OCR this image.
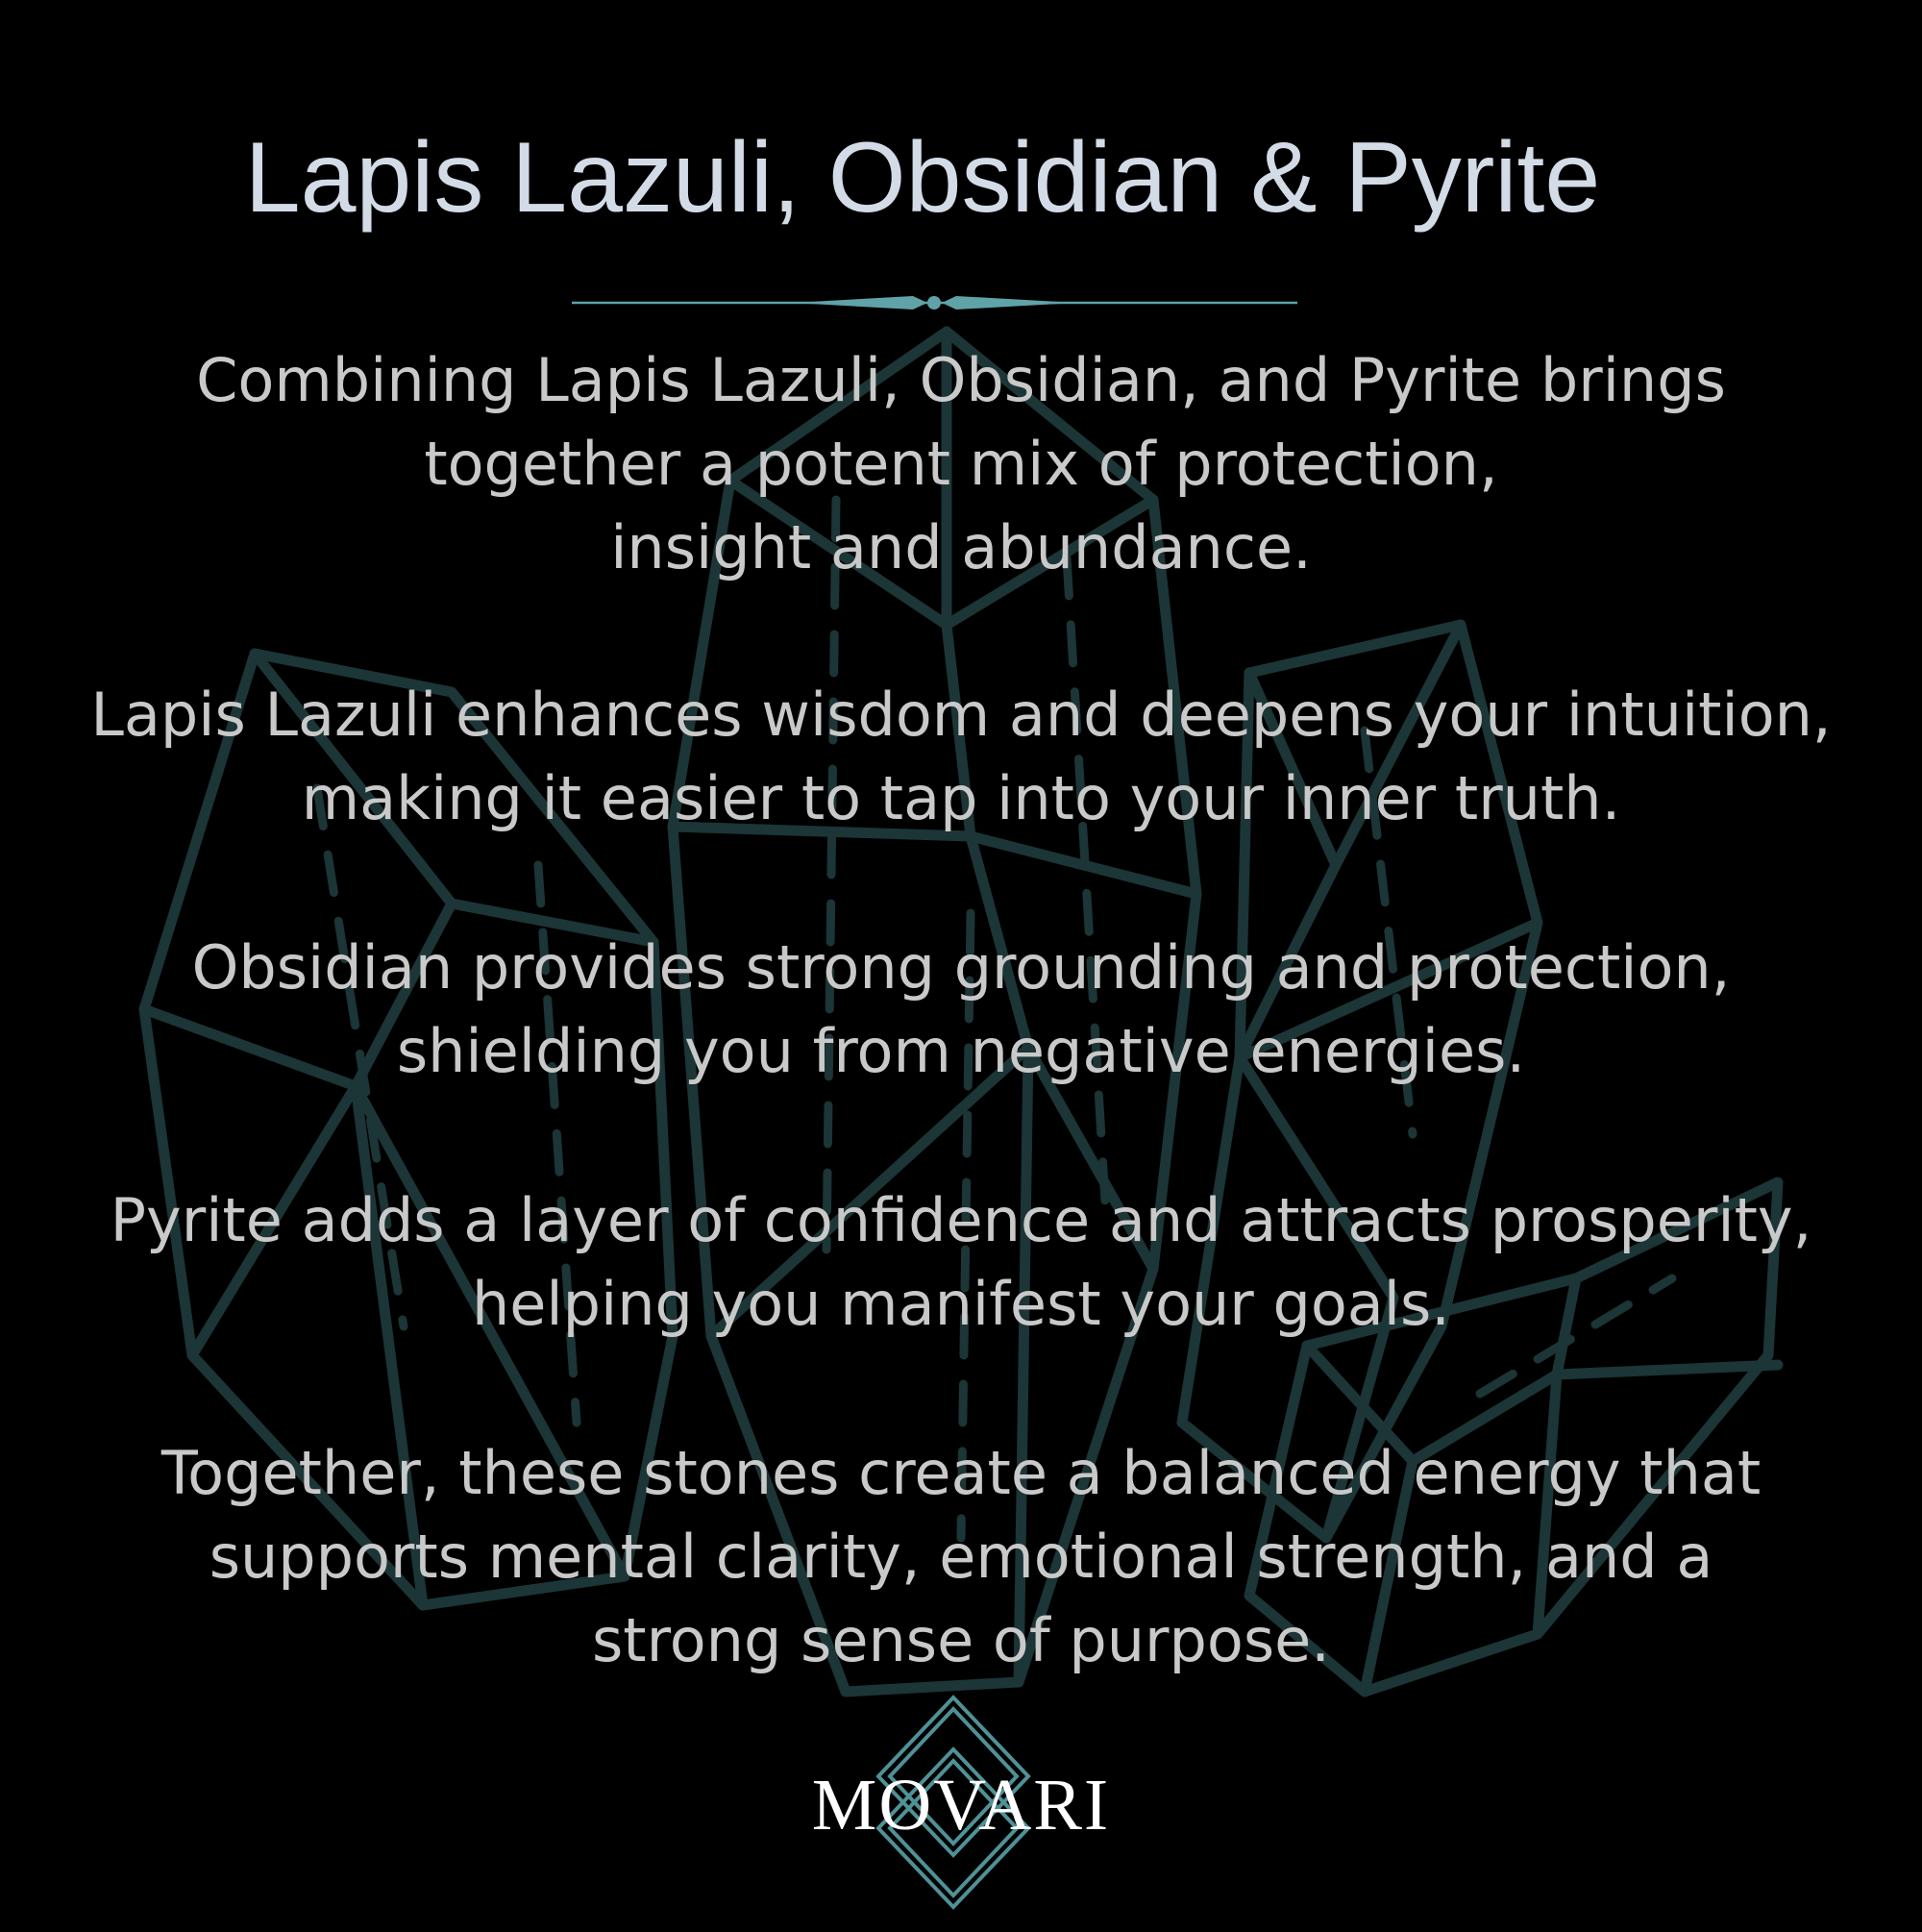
Lapis Lazuli, Obsidian & Pyrite

Combining Lapis Lazuli, Obsidian, and Pyrite brings
together a potent mix of protection,
insight and abundance.

Lapis Lazuli enhances wisdom and deepens your intuition,
making it easier to tap into your inner truth.

Obsidian provides strong grounding and protection,
shielding you from negative energies.

Pyrite adds a layer of confidence and attracts prosperity,
helping you manifest your goals.

Together, these stones create a balanced energy that
supports mental clarity, emotional strength, and a
strong sense of purpose.

MOVARI
